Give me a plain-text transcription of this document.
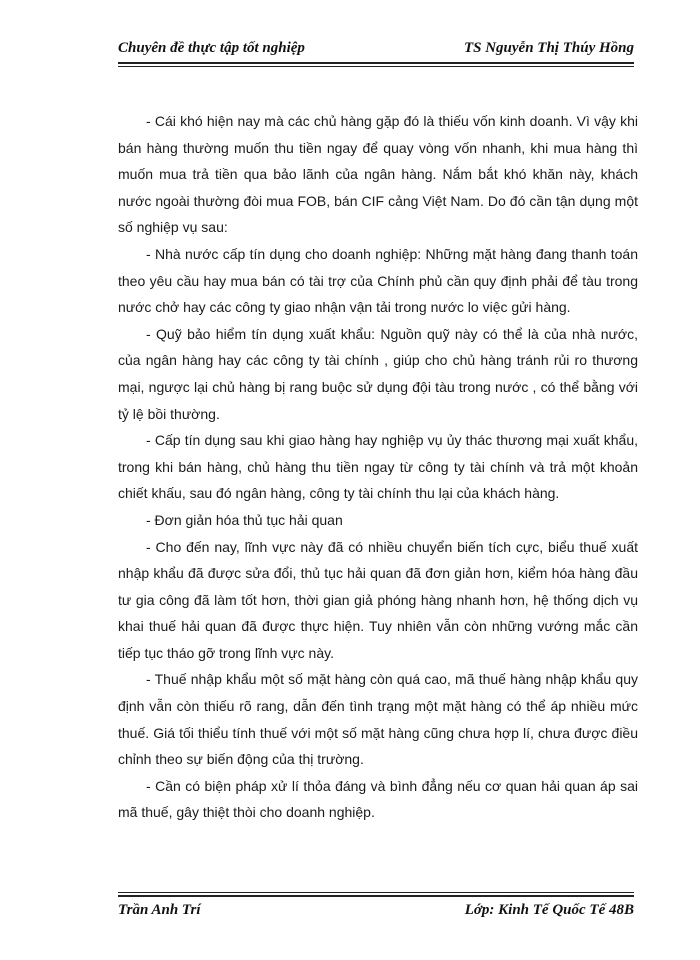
Chuyên đề thực tập tốt nghiệp	TS Nguyễn Thị Thúy Hồng

- Cái khó hiện nay mà các chủ hàng gặp đó là thiếu vốn kinh doanh. Vì vậy khi bán hàng thường muốn thu tiền ngay để quay vòng vốn nhanh, khi mua hàng thì muốn mua trả tiền qua bảo lãnh của ngân hàng. Nắm bắt khó khăn này, khách nước ngoài thường đòi mua FOB, bán CIF cảng Việt Nam. Do đó cần tận dụng một số nghiệp vụ sau:

- Nhà nước cấp tín dụng cho doanh nghiệp: Những mặt hàng đang thanh toán theo yêu cầu hay mua bán có tài trợ của Chính phủ cần quy định phải để tàu trong nước chở hay các công ty giao nhận vận tải trong nước lo việc gửi hàng.

- Quỹ bảo hiểm tín dụng xuất khẩu: Nguồn quỹ này có thể là của nhà nước, của ngân hàng hay các công ty tài chính , giúp cho chủ hàng tránh rủi ro thương mại, ngược lại chủ hàng bị rang buộc sử dụng đội tàu trong nước , có thể bằng với tỷ lệ bồi thường.

- Cấp tín dụng sau khi giao hàng hay nghiệp vụ ủy thác thương mại xuất khẩu, trong khi bán hàng, chủ hàng thu tiền ngay từ công ty tài chính và trả một khoản chiết khấu, sau đó ngân hàng, công ty tài chính thu lại của khách hàng.

- Đơn giản hóa thủ tục hải quan

- Cho đến nay, lĩnh vực này đã có nhiều chuyển biến tích cực, biểu thuế xuất nhập khẩu đã được sửa đổi, thủ tục hải quan đã đơn giản hơn, kiểm hóa hàng đầu tư gia công đã làm tốt hơn, thời gian giả phóng hàng nhanh hơn, hệ thống dịch vụ khai thuế hải quan đã được thực hiện. Tuy nhiên vẫn còn những vướng mắc cần tiếp tục tháo gỡ trong lĩnh vực này.

- Thuế nhập khẩu một số mặt hàng còn quá cao, mã thuế hàng nhập khẩu quy định vẫn còn thiếu rõ rang, dẫn đến tình trạng một mặt hàng có thể áp nhiều mức thuế. Giá tối thiểu tính thuế với một số mặt hàng cũng chưa hợp lí, chưa được điều chỉnh theo sự biến động của thị trường.

- Cần có biện pháp xử lí thỏa đáng và bình đẳng nếu cơ quan hải quan áp sai mã thuế, gây thiệt thòi cho doanh nghiệp.

Trần Anh Trí	Lớp: Kinh Tế Quốc Tế 48B
